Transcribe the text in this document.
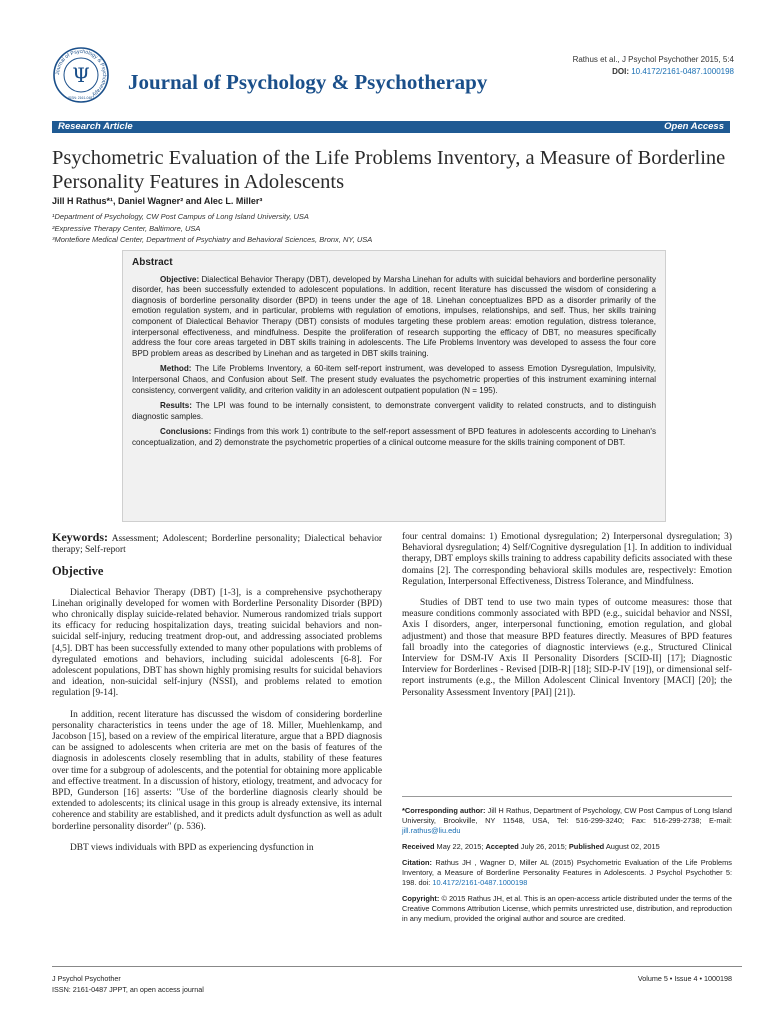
Journal of Psychology & Psychotherapy
Ψ
ISSN: 2161-0487
Journal of Psychology & Psychotherapy
Rathus et al., J Psychol Psychother 2015, 5:4
DOI: 10.4172/2161-0487.1000198
Research Article	Open Access
Psychometric Evaluation of the Life Problems Inventory, a Measure of Borderline Personality Features in Adolescents
Jill H Rathus*¹, Daniel Wagner² and Alec L. Miller³
¹Department of Psychology, CW Post Campus of Long Island University, USA
²Expressive Therapy Center, Baltimore, USA
³Montefiore Medical Center, Department of Psychiatry and Behavioral Sciences, Bronx, NY, USA
Abstract

Objective: Dialectical Behavior Therapy (DBT), developed by Marsha Linehan for adults with suicidal behaviors and borderline personality disorder, has been successfully extended to adolescent populations. In addition, recent literature has discussed the wisdom of considering a diagnosis of borderline personality disorder (BPD) in teens under the age of 18. Linehan conceptualizes BPD as a disorder primarily of the emotion regulation system, and in particular, problems with regulation of emotions, impulses, relationships, and self. Thus, her skills training component of Dialectical Behavior Therapy (DBT) consists of modules targeting these problem areas: emotion regulation, distress tolerance, interpersonal effectiveness, and mindfulness. Despite the proliferation of research supporting the efficacy of DBT, no measures specifically address the four core areas targeted in DBT skills training in adolescents. The Life Problems Inventory was developed to assess the four core BPD problem areas as described by Linehan and as targeted in DBT skills training.

Method: The Life Problems Inventory, a 60-item self-report instrument, was developed to assess Emotion Dysregulation, Impulsivity, Interpersonal Chaos, and Confusion about Self. The present study evaluates the psychometric properties of this instrument examining internal consistency, convergent validity, and criterion validity in an adolescent outpatient population (N = 195).

Results: The LPI was found to be internally consistent, to demonstrate convergent validity to related constructs, and to distinguish diagnostic samples.

Conclusions: Findings from this work 1) contribute to the self-report assessment of BPD features in adolescents according to Linehan's conceptualization, and 2) demonstrate the psychometric properties of a clinical outcome measure for the skills training component of DBT.

Keywords: Assessment; Adolescent; Borderline personality; Dialectical behavior therapy; Self-report
Objective

Dialectical Behavior Therapy (DBT) [1-3], is a comprehensive psychotherapy Linehan originally developed for women with Borderline Personality Disorder (BPD) who chronically display suicide-related behavior. Numerous randomized trials support its efficacy for reducing hospitalization days, treating suicidal behaviors and non-suicidal self-injury, reducing treatment drop-out, and addressing associated problems [4,5]. DBT has been successfully extended to many other populations with problems of dyregulated emotions and behaviors, including suicidal adolescents [6-8]. For adolescent populations, DBT has shown highly promising results for suicidal behaviors and ideation, non-suicidal self-injury (NSSI), and problems related to emotion regulation [9-14].

In addition, recent literature has discussed the wisdom of considering borderline personality characteristics in teens under the age of 18. Miller, Muehlenkamp, and Jacobson [15], based on a review of the empirical literature, argue that a BPD diagnosis can be assigned to adolescents when criteria are met on the basis of features of the diagnosis in adolescents closely resembling that in adults, stability of these features over time for a subgroup of adolescents, and the potential for obtaining more applicable and effective treatment. In a discussion of history, etiology, treatment, and advocacy for BPD, Gunderson [16] asserts: "Use of the borderline diagnosis clearly should be extended to adolescents; its clinical usage in this group is already extensive, its internal coherence and stability are established, and it predicts adult dysfunction as well as adult borderline personality disorder" (p. 536).

DBT views individuals with BPD as experiencing dysfunction in

four central domains: 1) Emotional dysregulation; 2) Interpersonal dysregulation; 3) Behavioral dysregulation; 4) Self/Cognitive dysregulation [1]. In addition to individual therapy, DBT employs skills training to address capability deficits associated with these domains [2]. The corresponding behavioral skills modules are, respectively: Emotion Regulation, Interpersonal Effectiveness, Distress Tolerance, and Mindfulness.

Studies of DBT tend to use two main types of outcome measures: those that measure conditions commonly associated with BPD (e.g., suicidal behavior and NSSI, Axis I disorders, anger, interpersonal functioning, emotion regulation, and global adjustment) and those that measure BPD features directly. Measures of BPD features fall broadly into the categories of diagnostic interviews (e.g., Structured Clinical Interview for DSM-IV Axis II Personality Disorders [SCID-II] [17]; Diagnostic Interview for Borderlines - Revised [DIB-R] [18]; SID-P-IV [19]), or dimensional self-report instruments (e.g., the Millon Adolescent Clinical Inventory [MACI] [20]; the Personality Assessment Inventory [PAI] [21]).

*Corresponding author: Jill H Rathus, Department of Psychology, CW Post Campus of Long Island University, Brookville, NY 11548, USA, Tel: 516-299-3240; Fax: 516-299-2738; E-mail: jill.rathus@liu.edu

Received May 22, 2015; Accepted July 26, 2015; Published August 02, 2015

Citation: Rathus JH , Wagner D, Miller AL (2015) Psychometric Evaluation of the Life Problems Inventory, a Measure of Borderline Personality Features in Adolescents. J Psychol Psychother 5: 198. doi: 10.4172/2161-0487.1000198

Copyright: © 2015 Rathus JH, et al. This is an open-access article distributed under the terms of the Creative Commons Attribution License, which permits unrestricted use, distribution, and reproduction in any medium, provided the original author and source are credited.

J Psychol Psychother
ISSN: 2161-0487 JPPT, an open access journal
Volume 5 • Issue 4 • 1000198
